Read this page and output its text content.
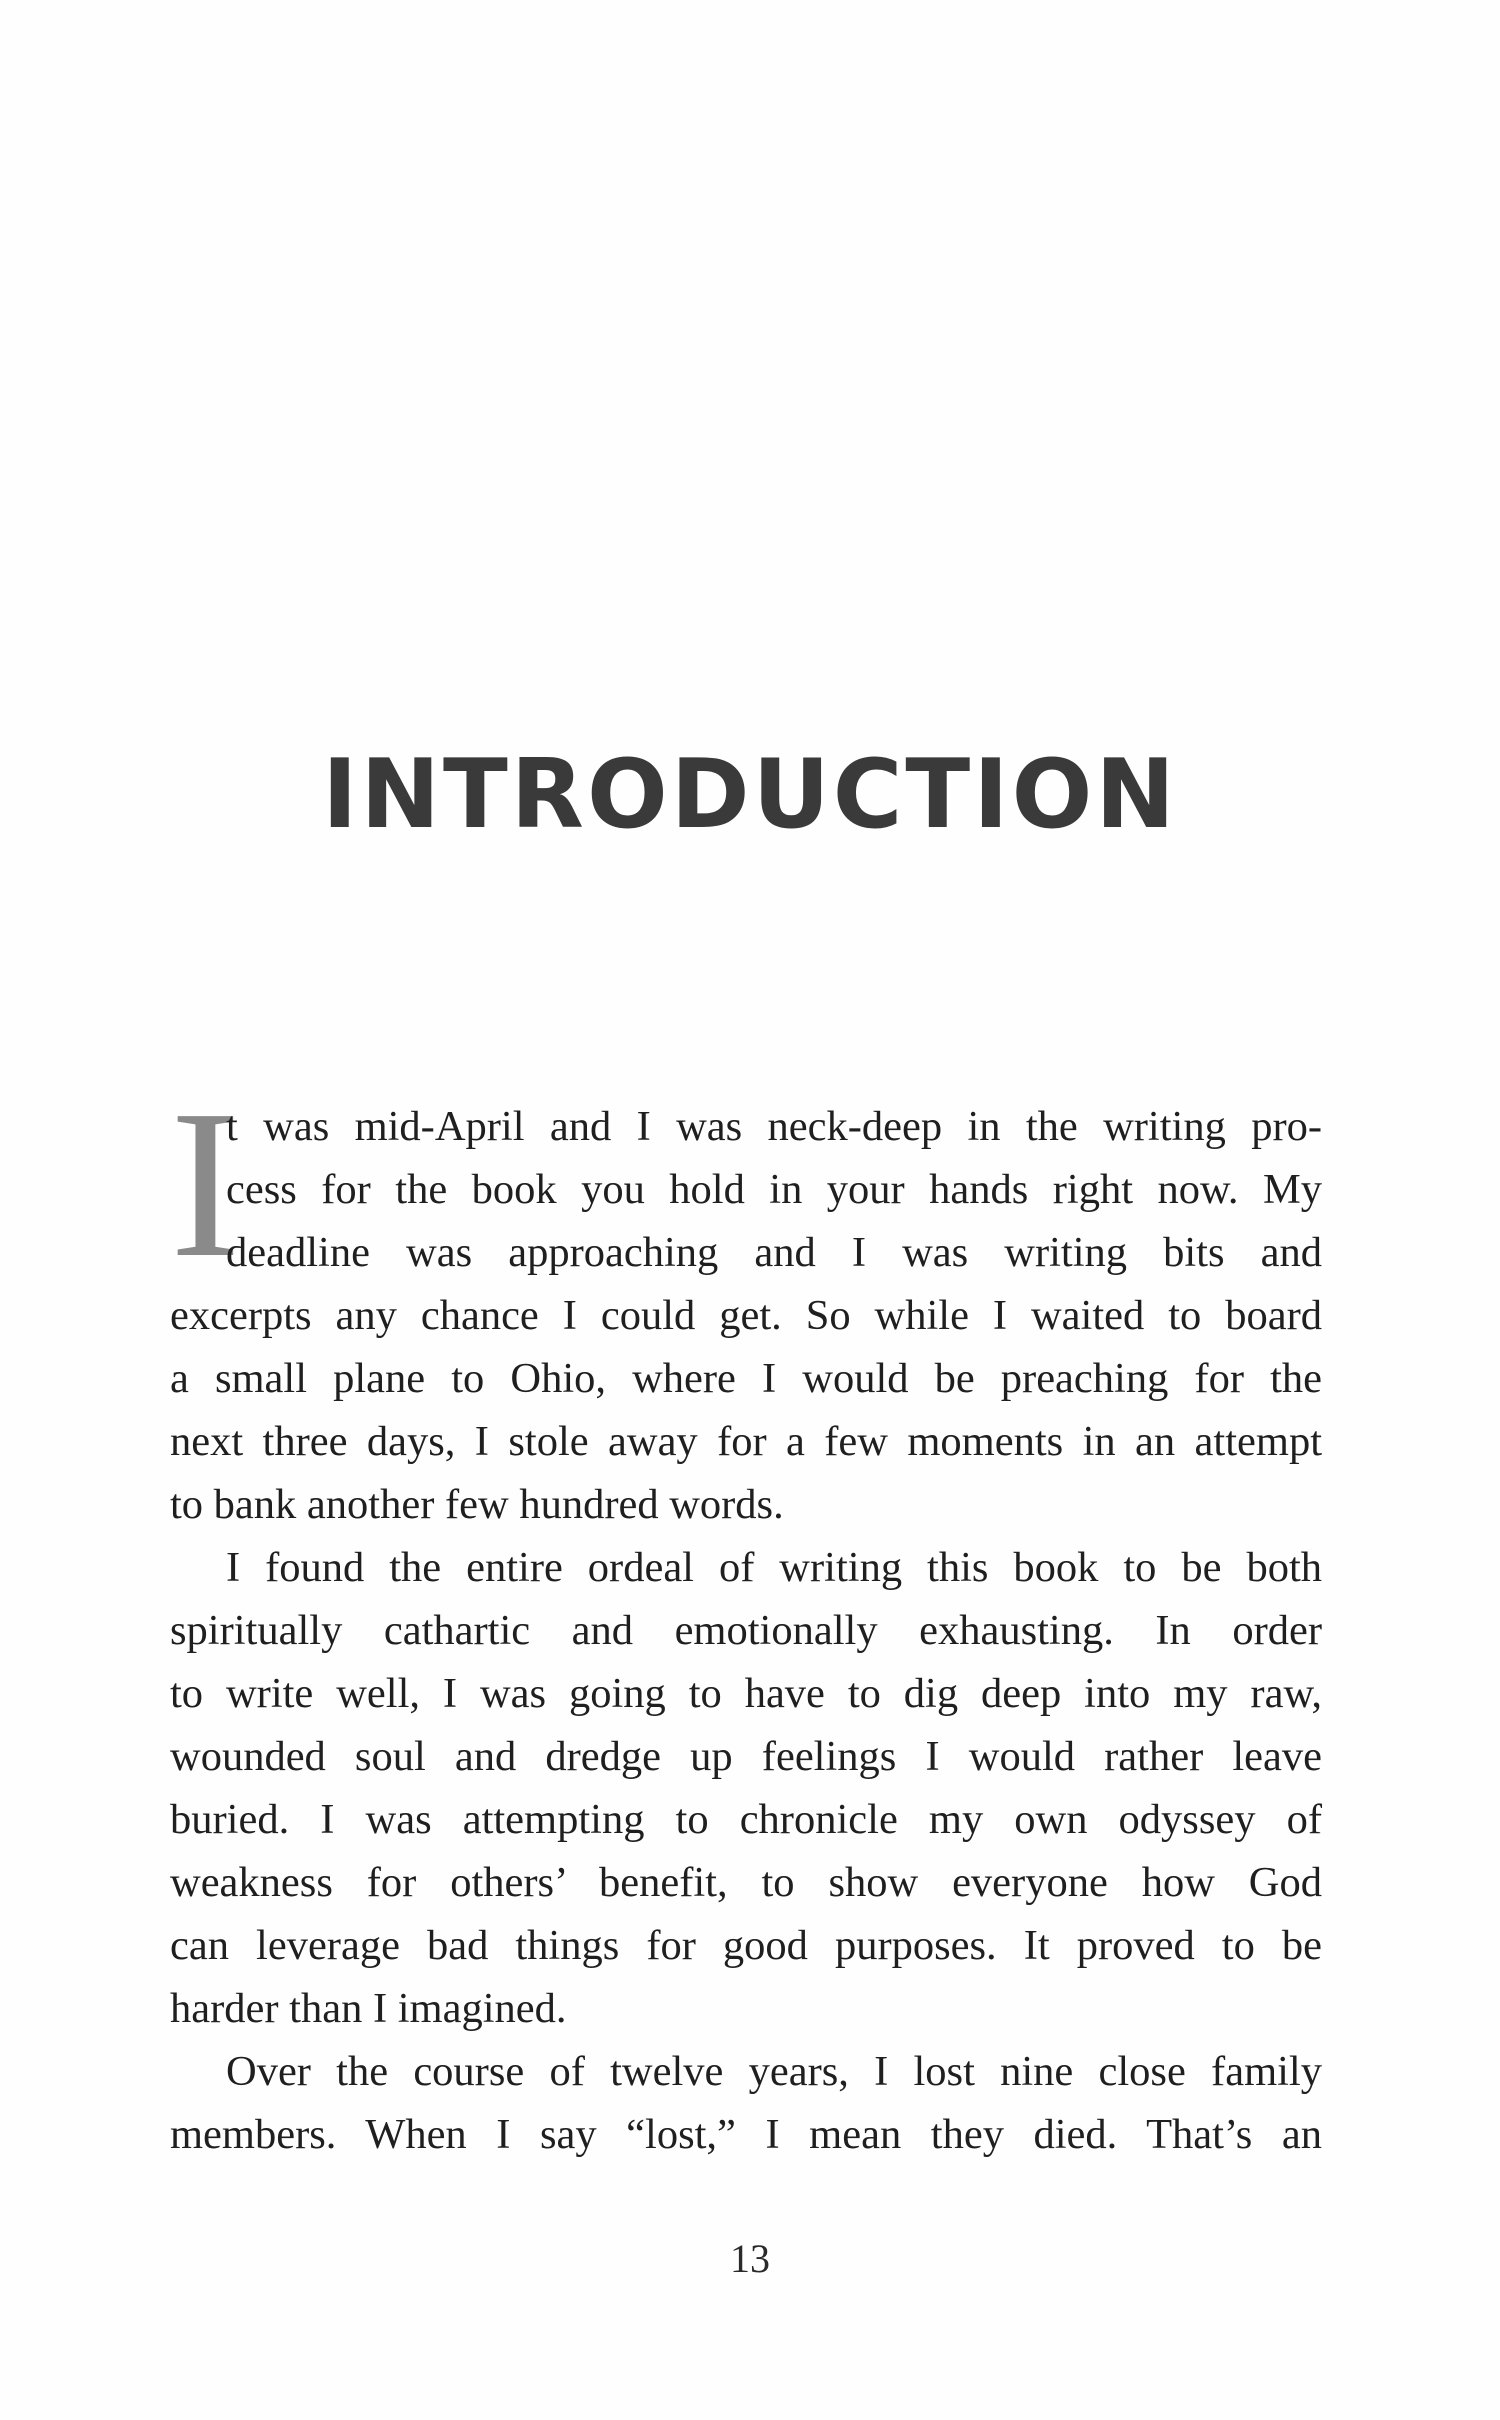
INTRODUCTION
I
t was mid-April and I was neck-deep in the writing pro-
cess for the book you hold in your hands right now. My
deadline was approaching and I was writing bits and
excerpts any chance I could get. So while I waited to board
a small plane to Ohio, where I would be preaching for the
next three days, I stole away for a few moments in an attempt
to bank another few hundred words.
I found the entire ordeal of writing this book to be both
spiritually cathartic and emotionally exhausting. In order
to write well, I was going to have to dig deep into my raw,
wounded soul and dredge up feelings I would rather leave
buried. I was attempting to chronicle my own odyssey of
weakness for others’ benefit, to show everyone how God
can leverage bad things for good purposes. It proved to be
harder than I imagined.
Over the course of twelve years, I lost nine close family
members. When I say “lost,” I mean they died. That’s an
13
